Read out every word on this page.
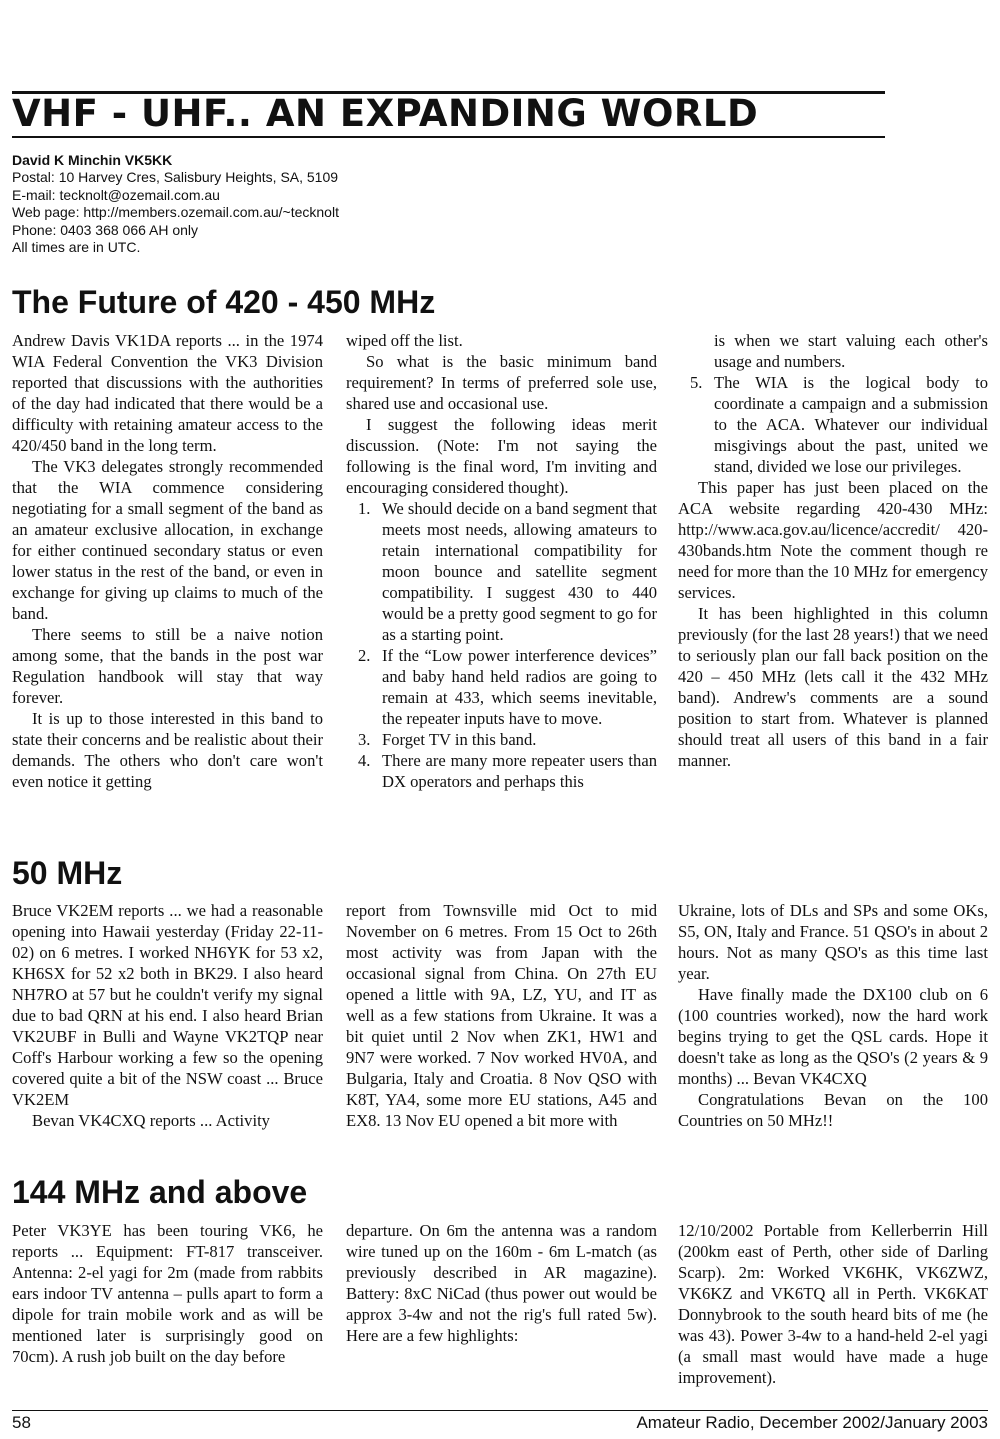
VHF - UHF.. AN EXPANDING WORLD
David K Minchin VK5KK
Postal: 10 Harvey Cres, Salisbury Heights, SA, 5109
E-mail: tecknolt@ozemail.com.au
Web page: http://members.ozemail.com.au/~tecknolt
Phone: 0403 368 066 AH only
All times are in UTC.
The Future of 420 - 450 MHz

Andrew Davis VK1DA reports ... in the 1974 WIA Federal Convention the VK3 Division reported that discussions with the authorities of the day had indicated that there would be a difficulty with retaining amateur access to the 420/450 band in the long term.

The VK3 delegates strongly recommended that the WIA commence considering negotiating for a small segment of the band as an amateur exclusive allocation, in exchange for either continued secondary status or even lower status in the rest of the band, or even in exchange for giving up claims to much of the band.

There seems to still be a naive notion among some, that the bands in the post war Regulation handbook will stay that way forever.

It is up to those interested in this band to state their concerns and be realistic about their demands. The others who don't care won't even notice it getting

wiped off the list.

So what is the basic minimum band requirement? In terms of preferred sole use, shared use and occasional use.

I suggest the following ideas merit discussion. (Note: I'm not saying the following is the final word, I'm inviting and encouraging considered thought).

1. We should decide on a band segment that meets most needs, allowing amateurs to retain international compatibility for moon bounce and satellite segment compatibility. I suggest 430 to 440 would be a pretty good segment to go for as a starting point.
2. If the “Low power interference devices” and baby hand held radios are going to remain at 433, which seems inevitable, the repeater inputs have to move.
3. Forget TV in this band.
4. There are many more repeater users than DX operators and perhaps this
is when we start valuing each other's usage and numbers.
5. The WIA is the logical body to coordinate a campaign and a submission to the ACA. Whatever our individual misgivings about the past, united we stand, divided we lose our privileges.

This paper has just been placed on the ACA website regarding 420-430 MHz: http://www.aca.gov.au/licence/accredit/ 420-430bands.htm Note the comment though re need for more than the 10 MHz for emergency services.

It has been highlighted in this column previously (for the last 28 years!) that we need to seriously plan our fall back position on the 420 – 450 MHz (lets call it the 432 MHz band). Andrew's comments are a sound position to start from. Whatever is planned should treat all users of this band in a fair manner.

50 MHz

Bruce VK2EM reports ... we had a reasonable opening into Hawaii yesterday (Friday 22-11-02) on 6 metres. I worked NH6YK for 53 x2, KH6SX for 52 x2 both in BK29. I also heard NH7RO at 57 but he couldn't verify my signal due to bad QRN at his end. I also heard Brian VK2UBF in Bulli and Wayne VK2TQP near Coff's Harbour working a few so the opening covered quite a bit of the NSW coast ... Bruce VK2EM

Bevan VK4CXQ reports ... Activity

report from Townsville mid Oct to mid November on 6 metres. From 15 Oct to 26th most activity was from Japan with the occasional signal from China. On 27th EU opened a little with 9A, LZ, YU, and IT as well as a few stations from Ukraine. It was a bit quiet until 2 Nov when ZK1, HW1 and 9N7 were worked. 7 Nov worked HV0A, and Bulgaria, Italy and Croatia. 8 Nov QSO with K8T, YA4, some more EU stations, A45 and EX8. 13 Nov EU opened a bit more with

Ukraine, lots of DLs and SPs and some OKs, S5, ON, Italy and France. 51 QSO's in about 2 hours. Not as many QSO's as this time last year.

Have finally made the DX100 club on 6 (100 countries worked), now the hard work begins trying to get the QSL cards. Hope it doesn't take as long as the QSO's (2 years & 9 months) ... Bevan VK4CXQ

Congratulations Bevan on the 100 Countries on 50 MHz!!

144 MHz and above

Peter VK3YE has been touring VK6, he reports ... Equipment: FT-817 transceiver. Antenna: 2-el yagi for 2m (made from rabbits ears indoor TV antenna – pulls apart to form a dipole for train mobile work and as will be mentioned later is surprisingly good on 70cm). A rush job built on the day before

departure. On 6m the antenna was a random wire tuned up on the 160m - 6m L-match (as previously described in AR magazine). Battery: 8xC NiCad (thus power out would be approx 3-4w and not the rig's full rated 5w). Here are a few highlights:

12/10/2002 Portable from Kellerberrin Hill (200km east of Perth, other side of Darling Scarp). 2m: Worked VK6HK, VK6ZWZ, VK6KZ and VK6TQ all in Perth. VK6KAT Donnybrook to the south heard bits of me (he was 43). Power 3-4w to a hand-held 2-el yagi (a small mast would have made a huge improvement).

58	Amateur Radio, December 2002/January 2003
